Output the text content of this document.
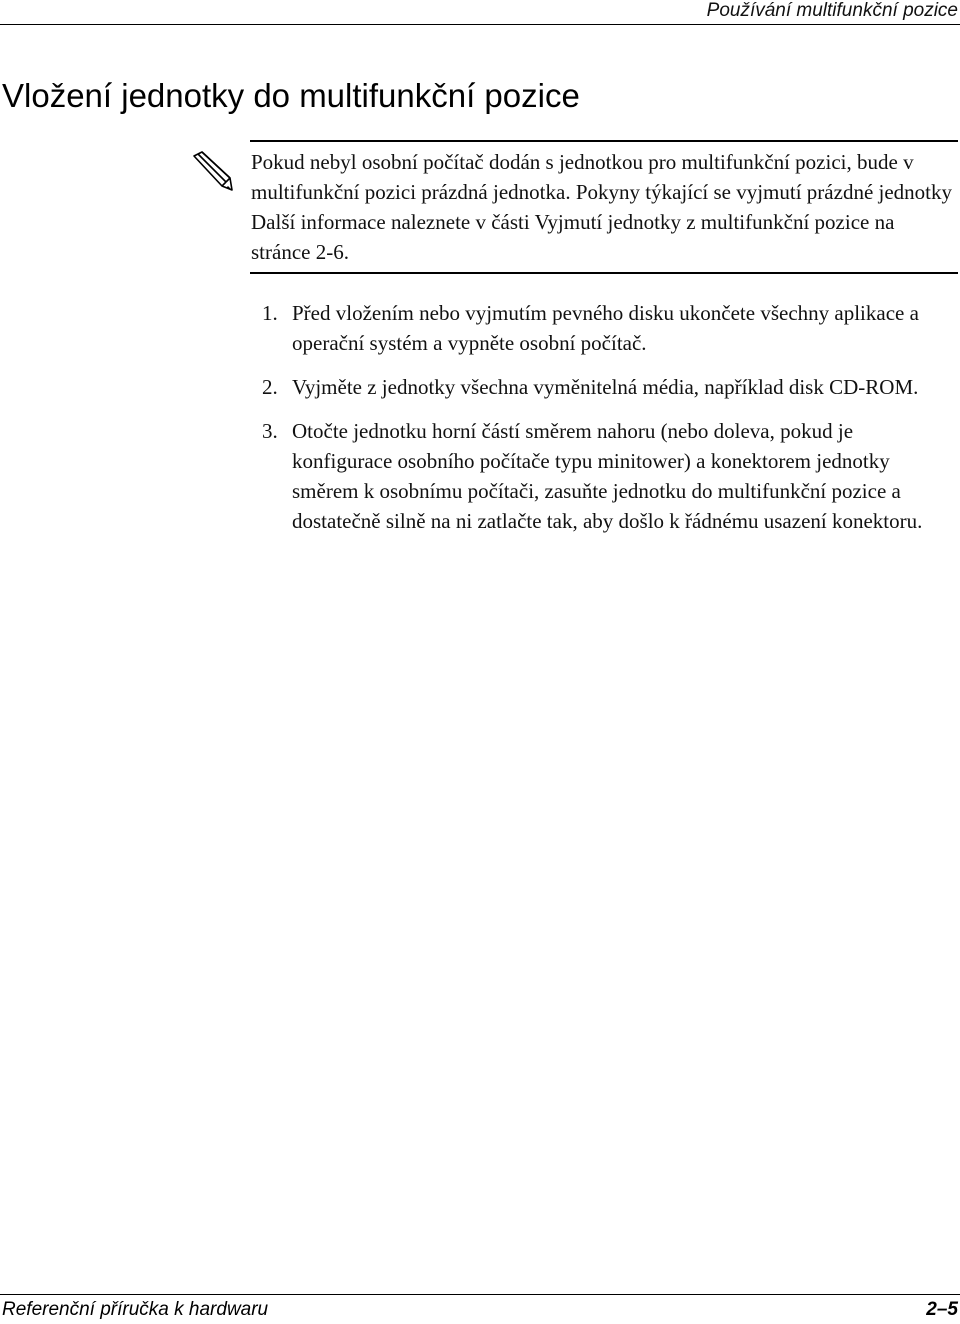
Používání multifunkční pozice
Vložení jednotky do multifunkční pozice

Pokud nebyl osobní počítač dodán s jednotkou pro multifunkční pozici, bude v multifunkční pozici prázdná jednotka. Pokyny týkající se vyjmutí prázdné jednotky Další informace naleznete v části Vyjmutí jednotky z multifunkční pozice na stránce 2-6.

1. Před vložením nebo vyjmutím pevného disku ukončete všechny aplikace a operační systém a vypněte osobní počítač.
2. Vyjměte z jednotky všechna vyměnitelná média, například disk CD-ROM.
3. Otočte jednotku horní částí směrem nahoru (nebo doleva, pokud je konfigurace osobního počítače typu minitower) a konektorem jednotky směrem k osobnímu počítači, zasuňte jednotku do multifunkční pozice a dostatečně silně na ni zatlačte tak, aby došlo k řádnému usazení konektoru.
Referenční příručka k hardwaru	2–5
